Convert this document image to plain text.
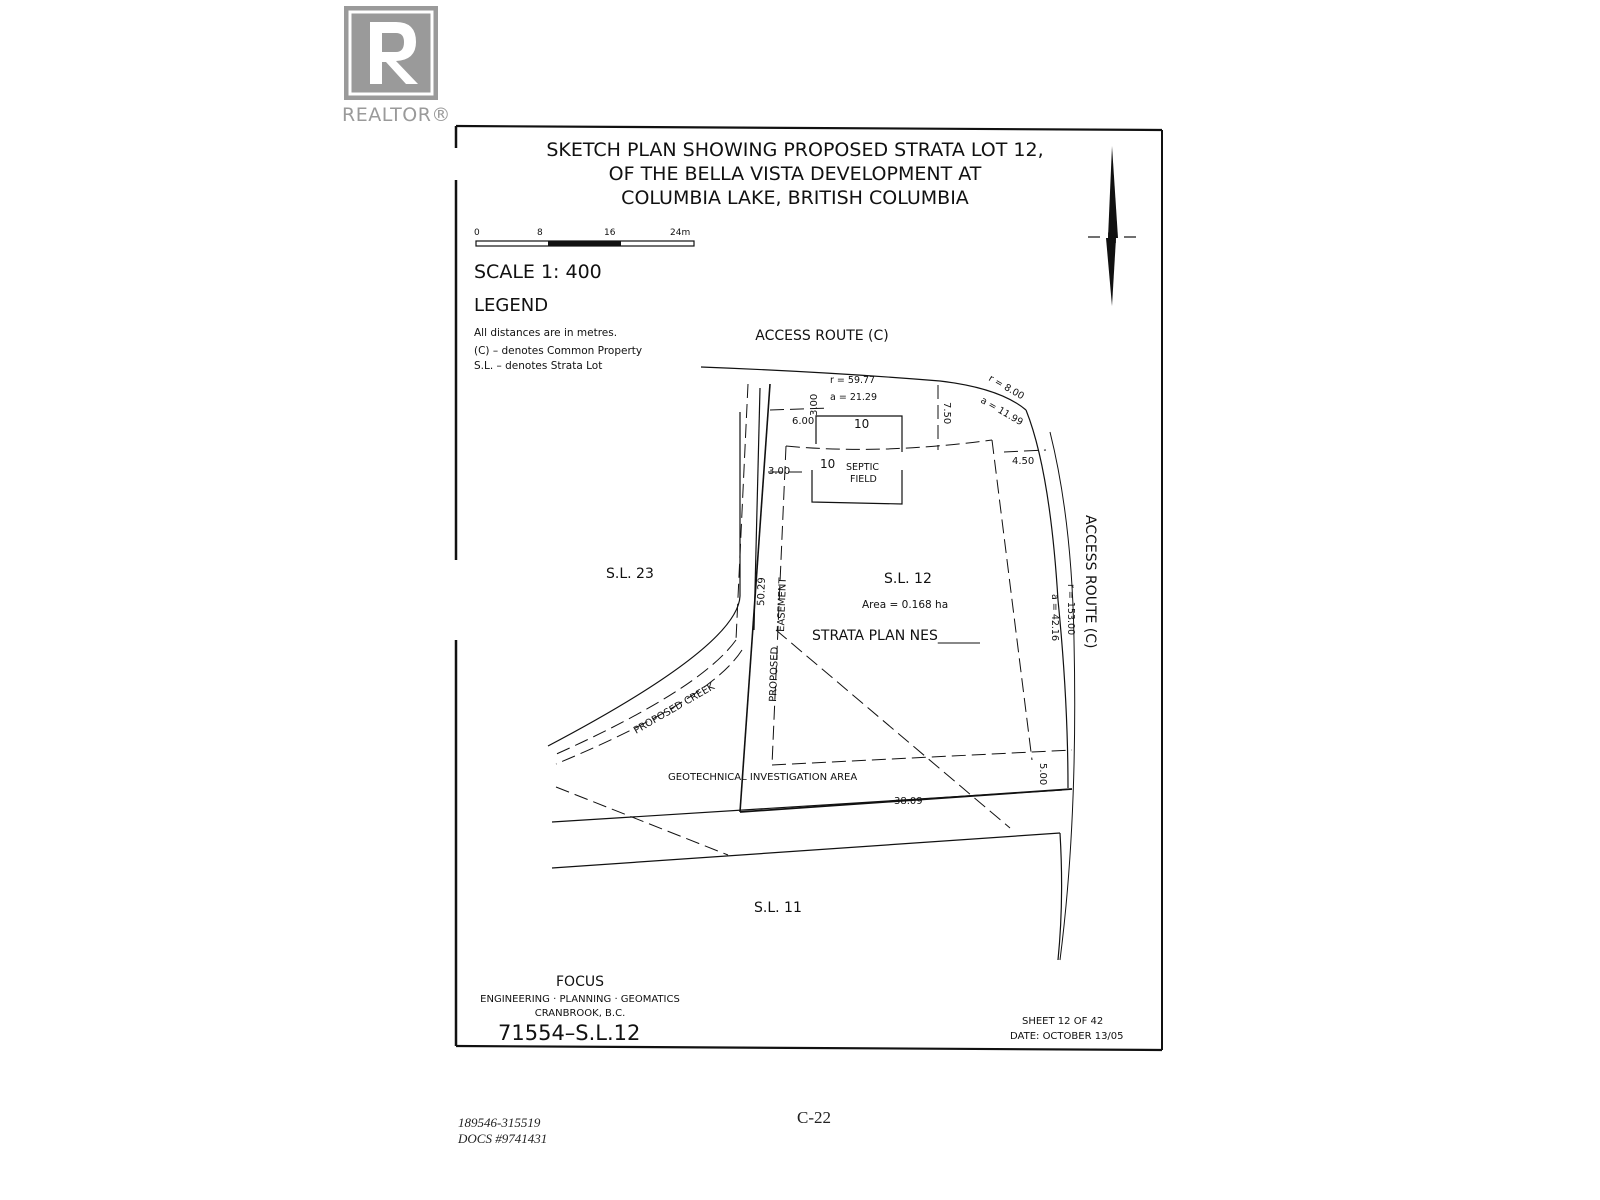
REALTOR®
SKETCH PLAN SHOWING PROPOSED STRATA LOT 12,
OF THE BELLA VISTA DEVELOPMENT AT
COLUMBIA LAKE, BRITISH COLUMBIA
0	8	16	24m
SCALE 1: 400
N
LEGEND
All distances are in metres.
(C) – denotes Common Property
S.L. – denotes Strata Lot
ACCESS ROUTE (C)
ACCESS ROUTE (C)
S.L. 23	S.L. 12
Area = 0.168 ha
STRATA PLAN NES______
S.L. 11
SEPTIC
FIELD
10
10
PROPOSED
EASEMENT
PROPOSED CREEK
GEOTECHNICAL INVESTIGATION AREA
r = 59.77
a = 21.29
3.00
6.00	7.50
r = 8.00
a = 11.99
4.50
3.00
50.29
a = 42.16 r = 153.00
5.00
38.09
FOCUS
ENGINEERING · PLANNING · GEOMATICS
CRANBROOK, B.C.
71554–S.L.12	SHEET 12 OF 42
DATE: OCTOBER 13/05
C-22
189546-315519
DOCS #9741431
